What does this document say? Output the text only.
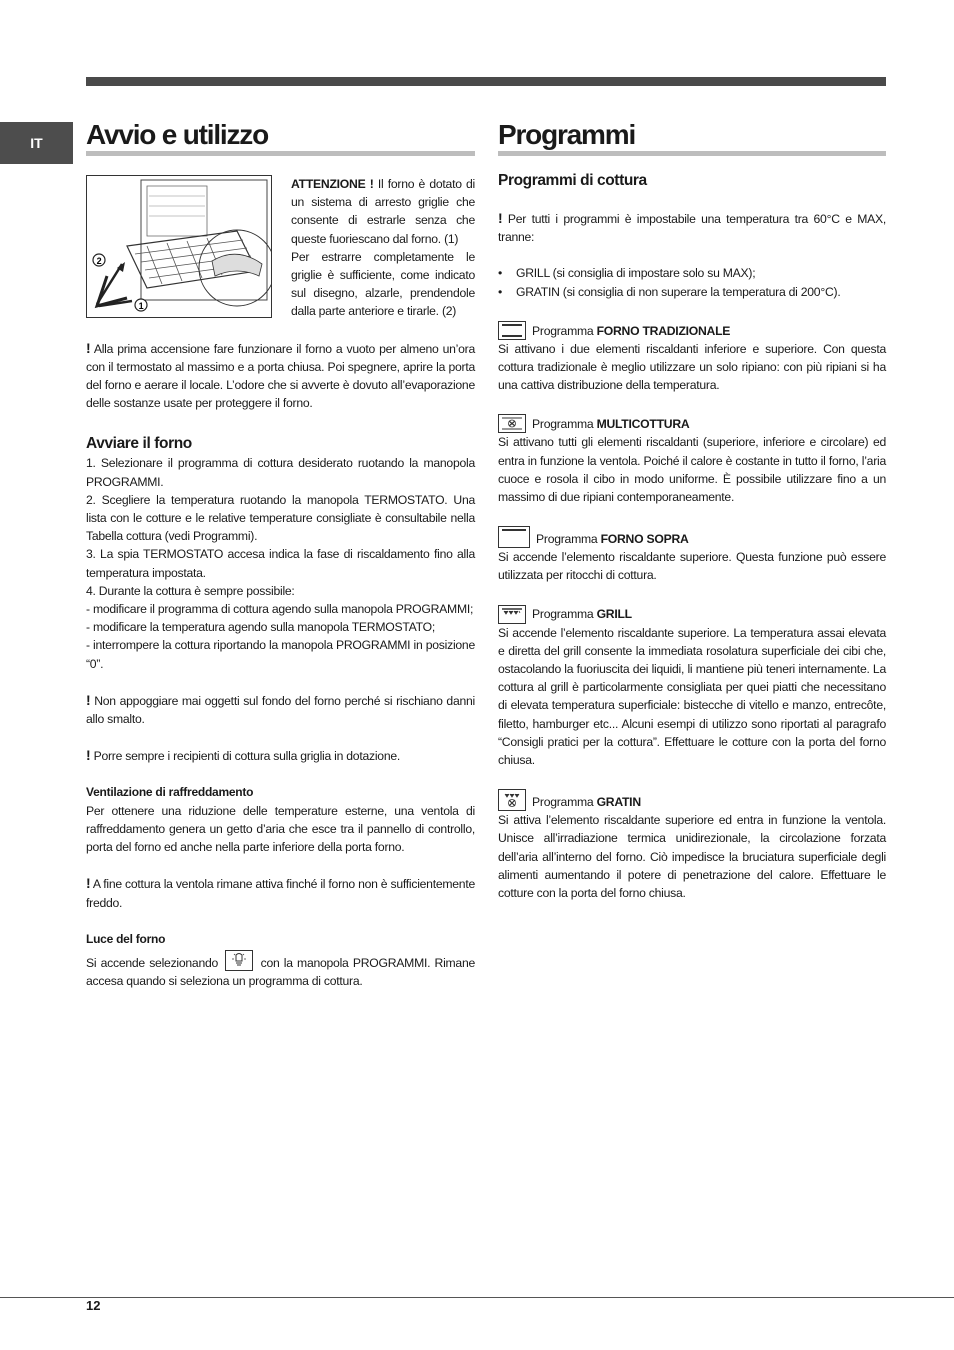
IT Avvio e utilizzo
2
1

ATTENZIONE ! Il forno è dotato di un sistema di arresto griglie che consente di estrarle senza che queste fuoriescano dal forno. (1)

Per estrarre completamente le griglie è sufficiente, come indicato sul disegno, alzarle, prendendole dalla parte anteriore e tirarle. (2)

! Alla prima accensione fare funzionare il forno a vuoto per almeno un’ora con il termostato al massimo e a porta chiusa. Poi spegnere, aprire la porta del forno e aerare il locale. L’odore che si avverte è dovuto all’evaporazione delle sostanze usate per proteggere il forno.

Avviare il forno

1. Selezionare il programma di cottura desiderato ruotando la manopola PROGRAMMI.

2. Scegliere la temperatura ruotando la manopola TERMOSTATO. Una lista con le cotture e le relative temperature consigliate è consultabile nella Tabella cottura (vedi Programmi).

3. La spia TERMOSTATO accesa indica la fase di riscaldamento fino alla temperatura impostata.

4. Durante la cottura è sempre possibile:

- modificare il programma di cottura agendo sulla manopola PROGRAMMI;

- modificare la temperatura agendo sulla manopola TERMOSTATO;

- interrompere la cottura riportando la manopola PROGRAMMI in posizione “0”.

! Non appoggiare mai oggetti sul fondo del forno perché si rischiano danni allo smalto.

! Porre sempre i recipienti di cottura sulla griglia in dotazione.

Ventilazione di raffreddamento

Per ottenere una riduzione delle temperature esterne, una ventola di raffreddamento genera un getto d’aria che esce tra il pannello di controllo, porta del forno ed anche nella parte inferiore della porta forno.

! A fine cottura la ventola rimane attiva finché il forno non è sufficientemente freddo.

Luce del forno

Si accende selezionando	con la manopola PROGRAMMI. Rimane accesa quando si seleziona un programma di cottura.

Programmi
Programmi di cottura

! Per tutti i programmi è impostabile una temperatura tra 60°C e MAX, tranne:

• GRILL (si consiglia di impostare solo su MAX);
• GRATIN (si consiglia di non superare la temperatura di 200°C).
Programma
FORNO TRADIZIONALE

Si attivano i due elementi riscaldanti inferiore e superiore. Con questa cottura tradizionale è meglio utilizzare un solo ripiano: con più ripiani si ha una cattiva distribuzione della temperatura.

Programma
MULTICOTTURA

Si attivano tutti gli elementi riscaldanti (superiore, inferiore e circolare) ed entra in funzione la ventola. Poiché il calore è costante in tutto il forno, l’aria cuoce e rosola il cibo in modo uniforme. È possibile utilizzare fino a un massimo di due ripiani contemporaneamente.

Programma
FORNO SOPRA

Si accende l’elemento riscaldante superiore. Questa funzione può essere utilizzata per ritocchi di cottura.

Programma
GRILL

Si accende l’elemento riscaldante superiore. La temperatura assai elevata e diretta del grill consente la immediata rosolatura superficiale dei cibi che, ostacolando la fuoriuscita dei liquidi, li mantiene più teneri internamente. La cottura al grill è particolarmente consigliata per quei piatti che necessitano di elevata temperatura superficiale: bistecche di vitello e manzo, entrecôte, filetto, hamburger etc... Alcuni esempi di utilizzo sono riportati al paragrafo “Consigli pratici per la cottura”. Effettuare le cotture con la porta del forno chiusa.

Programma
GRATIN

Si attiva l’elemento riscaldante superiore ed entra in funzione la ventola. Unisce all’irradiazione termica unidirezionale, la circolazione forzata dell’aria all’interno del forno. Ciò impedisce la bruciatura superficiale degli alimenti aumentando il potere di penetrazione del calore. Effettuare le cotture con la porta del forno chiusa.

12
